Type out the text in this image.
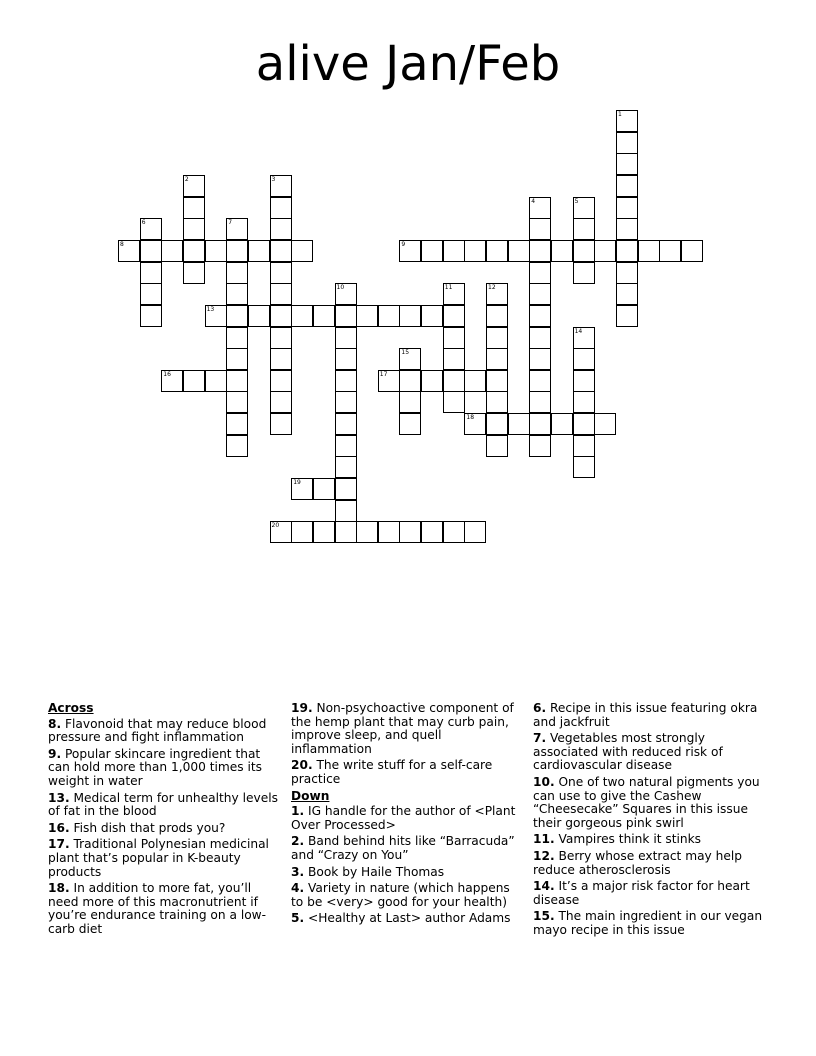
alive Jan/Feb
1
2	3
4	5
6	7
8	9
10	11	12
13
14
15
16	17
18
19
20
Across
8. Flavonoid that may reduce blood pressure and fight inflammation
9. Popular skincare ingredient that can hold more than 1,000 times its weight in water
13. Medical term for unhealthy levels of fat in the blood
16. Fish dish that prods you?
17. Traditional Polynesian medicinal plant that’s popular in K-beauty products
18. In addition to more fat, you’ll need more of this macronutrient if you’re endurance training on a low-carb diet
19. Non-psychoactive component of the hemp plant that may curb pain, improve sleep, and quell inflammation
20. The write stuff for a self-care practice
Down
1. IG handle for the author of <Plant Over Processed>
2. Band behind hits like “Barracuda” and “Crazy on You”
3. Book by Haile Thomas
4. Variety in nature (which happens to be <very> good for your health)
5. <Healthy at Last> author Adams
6. Recipe in this issue featuring okra and jackfruit
7. Vegetables most strongly associated with reduced risk of cardiovascular disease
10. One of two natural pigments you can use to give the Cashew “Cheesecake” Squares in this issue their gorgeous pink swirl
11. Vampires think it stinks
12. Berry whose extract may help reduce atherosclerosis
14. It’s a major risk factor for heart disease
15. The main ingredient in our vegan mayo recipe in this issue
